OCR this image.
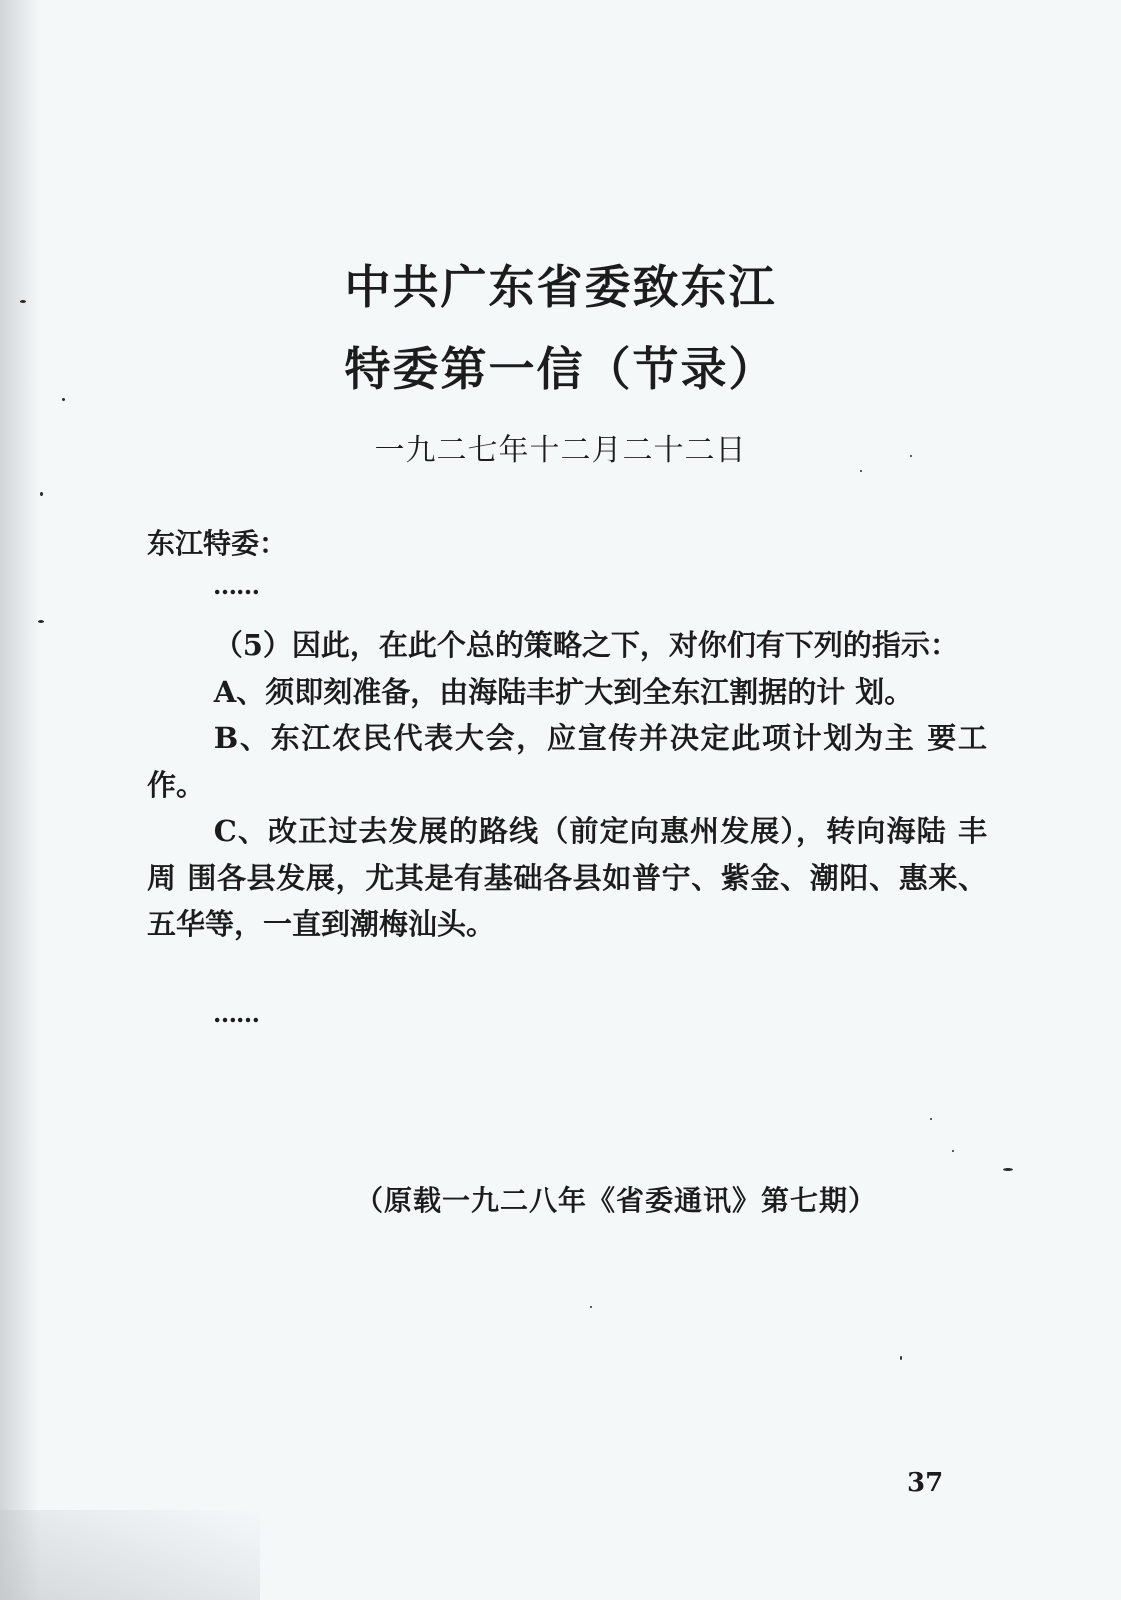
中共广东省委致东江
特委第一信（节录）
一九二七年十二月二十二日
东江特委：
……

（5）因此，在此个总的策略之下，对你们有下列的指示：

A、须即刻准备，由海陆丰扩大到全东江割据的计 划。

B、东江农民代表大会，应宣传并决定此项计划为主 要工作。

C、改正过去发展的路线（前定向惠州发展），转向海陆 丰 周 围各县发展，尤其是有基础各县如普宁、紫金、潮阳、惠来、五华等，一直到潮梅汕头。

……
（原载一九二八年《省委通讯》第七期）
37
